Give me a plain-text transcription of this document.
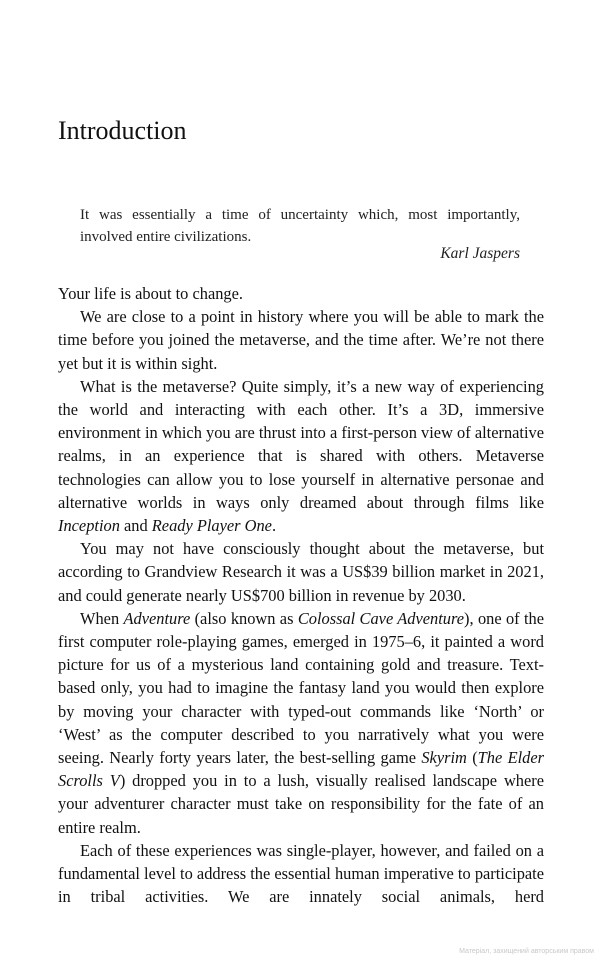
Introduction
It was essentially a time of uncertainty which, most importantly, involved entire civilizations.
Karl Jaspers

Your life is about to change.

We are close to a point in history where you will be able to mark the time before you joined the metaverse, and the time after. We’re not there yet but it is within sight.

What is the metaverse? Quite simply, it’s a new way of experiencing the world and interacting with each other. It’s a 3D, immersive environment in which you are thrust into a first-person view of alternative realms, in an experience that is shared with others. Metaverse technologies can allow you to lose yourself in alternative personae and alternative worlds in ways only dreamed about through films like Inception and Ready Player One.

You may not have consciously thought about the metaverse, but according to Grandview Research it was a US$39 billion market in 2021, and could generate nearly US$700 billion in revenue by 2030.

When Adventure (also known as Colossal Cave Adventure), one of the first computer role-playing games, emerged in 1975–6, it painted a word picture for us of a mysterious land containing gold and treasure. Text-based only, you had to imagine the fantasy land you would then explore by moving your character with typed-out commands like ‘North’ or ‘West’ as the computer described to you narratively what you were seeing. Nearly forty years later, the best-selling game Skyrim (The Elder Scrolls V) dropped you in to a lush, visually realised landscape where your adventurer character must take on responsibility for the fate of an entire realm.

Each of these experiences was single-player, however, and failed on a fundamental level to address the essential human imperative to participate in tribal activities. We are innately social animals, herd

Матеріал, захищений авторським правом
